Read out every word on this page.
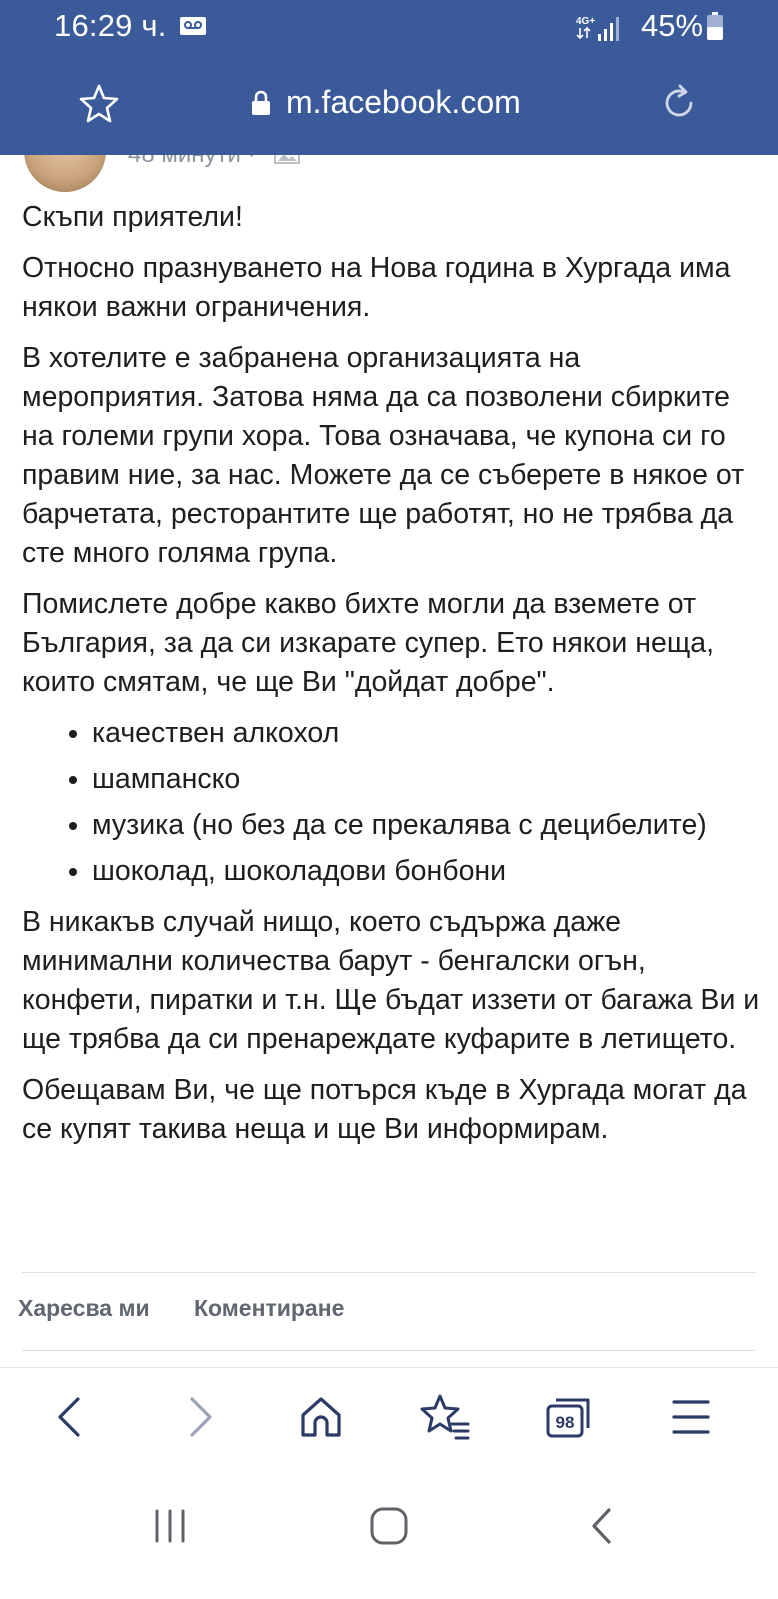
16:29 ч.	4G+ 45%
m.facebook.com

Скъпи приятели!

Относно празнуването на Нова година в Хургада има някои важни ограничения.

В хотелите е забранена организацията на мероприятия. Затова няма да са позволени сбирките на големи групи хора. Това означава, че купона си го правим ние, за нас. Можете да се съберете в някое от барчетата, ресторантите ще работят, но не трябва да сте много голяма група.

Помислете добре какво бихте могли да вземете от България, за да си изкарате супер. Ето някои неща, които смятам, че ще Ви "дойдат добре".

• качествен алкохол
• шампанско
• музика (но без да се прекалява с децибелите)
• шоколад, шоколадови бонбони

В никакъв случай нищо, което съдържа даже минимални количества барут - бенгалски огън, конфети, пиратки и т.н. Ще бъдат иззети от багажа Ви и ще трябва да си пренареждате куфарите в летището.

Обещавам Ви, че ще потърся къде в Хургада могат да се купят такива неща и ще Ви информирам.

Харесва ми Коментиране
98
